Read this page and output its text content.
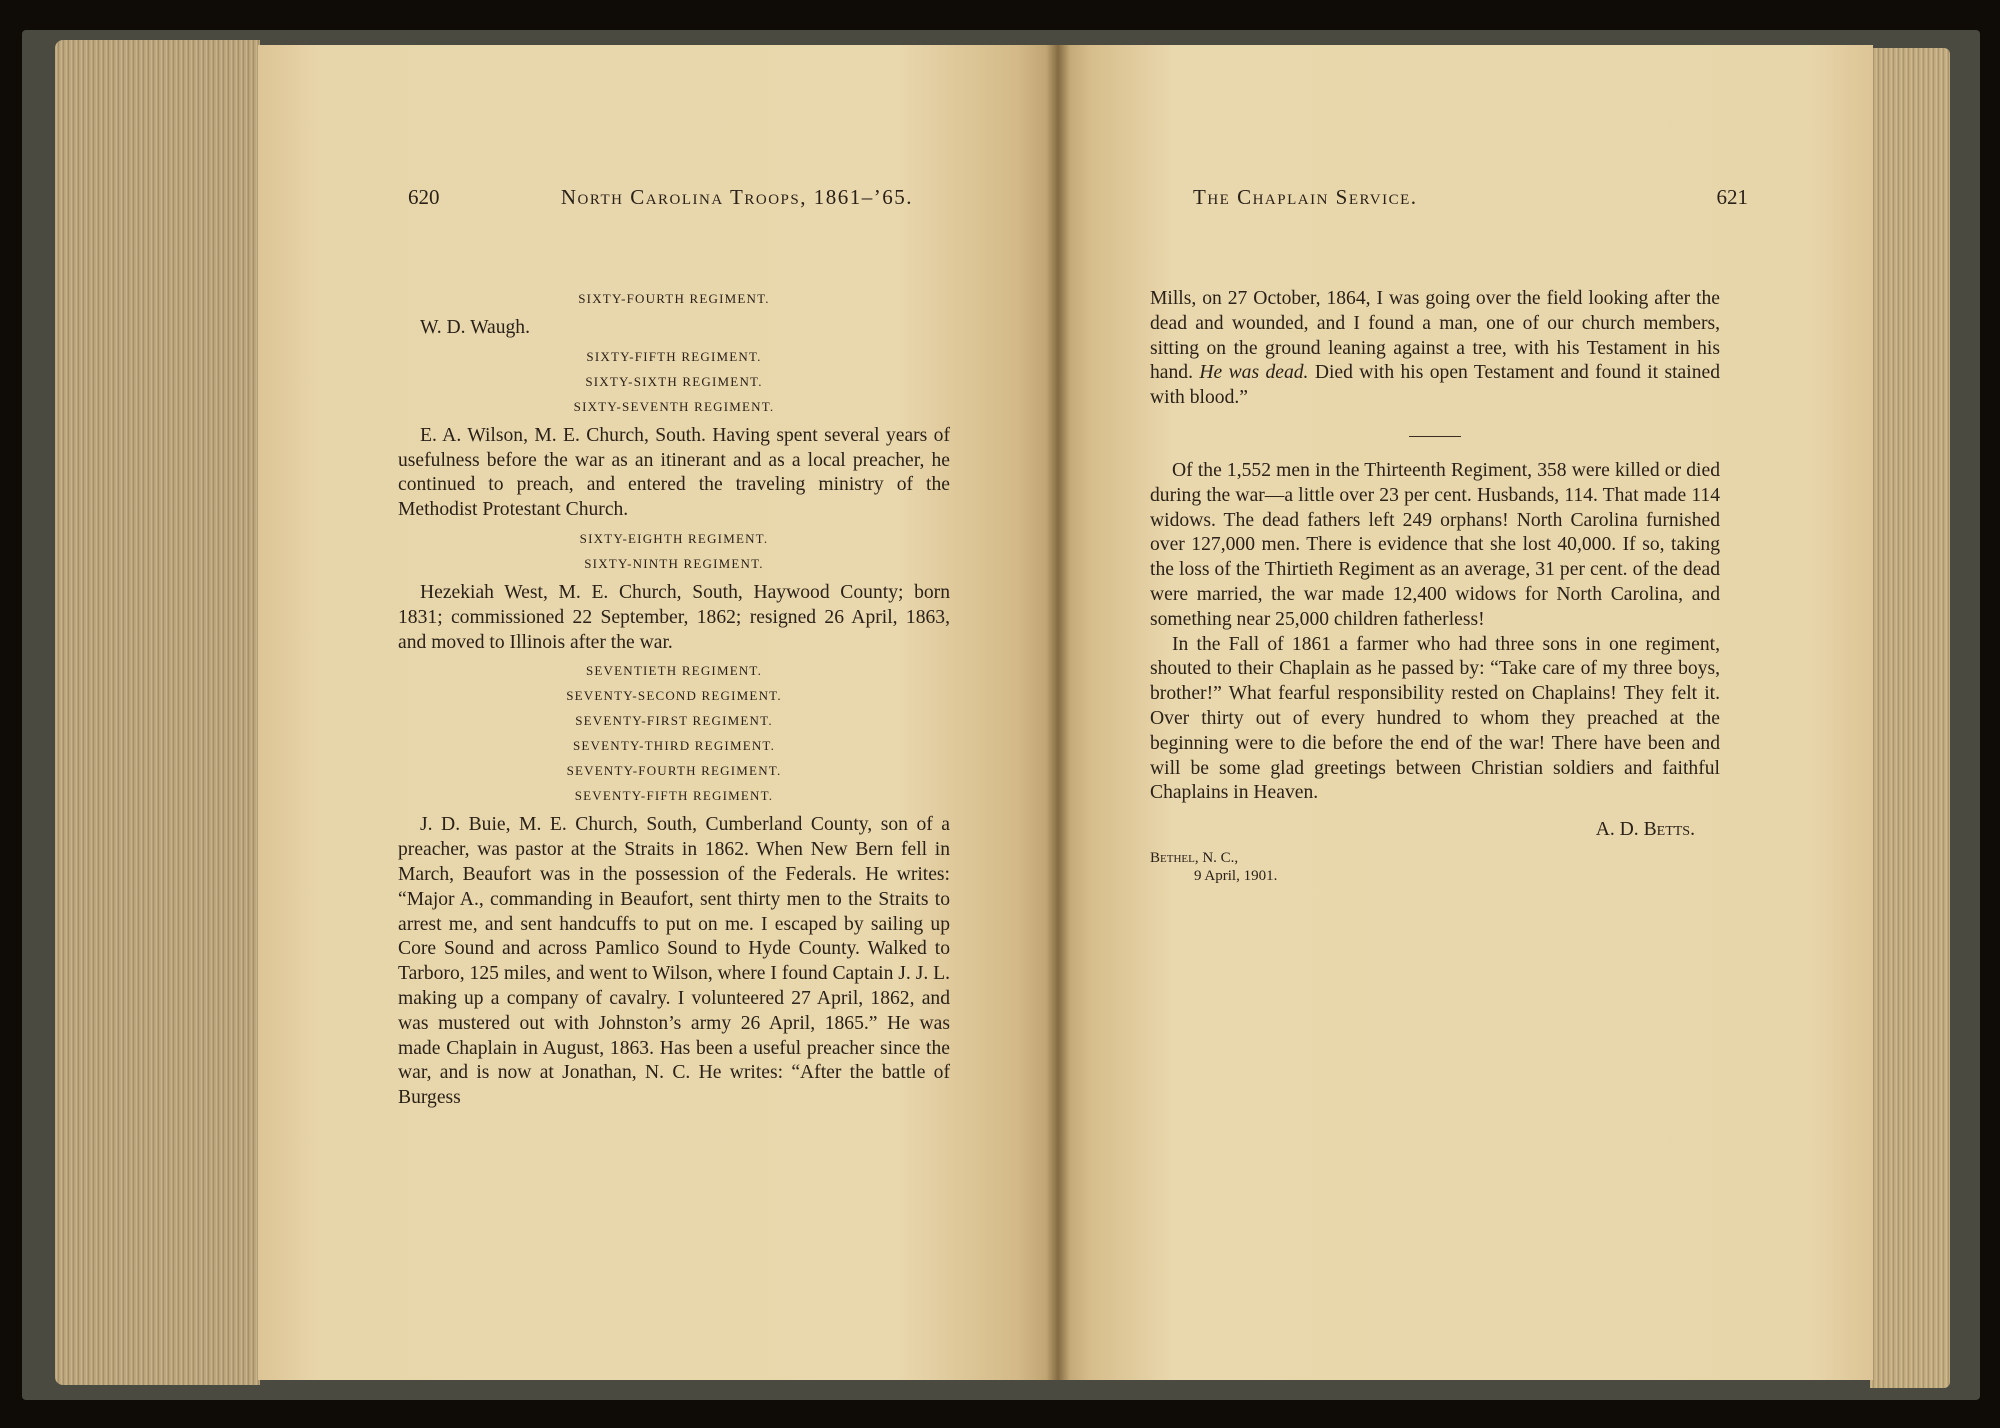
620	North Carolina Troops, 1861–’65.
SIXTY-FOURTH REGIMENT.

W. D. Waugh.

SIXTY-FIFTH REGIMENT.
SIXTY-SIXTH REGIMENT.
SIXTY-SEVENTH REGIMENT.

E. A. Wilson, M. E. Church, South. Having spent several years of usefulness before the war as an itinerant and as a local preacher, he continued to preach, and entered the traveling ministry of the Methodist Protestant Church.

SIXTY-EIGHTH REGIMENT.
SIXTY-NINTH REGIMENT.

Hezekiah West, M. E. Church, South, Haywood County; born 1831; commissioned 22 September, 1862; resigned 26 April, 1863, and moved to Illinois after the war.

SEVENTIETH REGIMENT.
SEVENTY-SECOND REGIMENT.
SEVENTY-FIRST REGIMENT.
SEVENTY-THIRD REGIMENT.
SEVENTY-FOURTH REGIMENT.
SEVENTY-FIFTH REGIMENT.

J. D. Buie, M. E. Church, South, Cumberland County, son of a preacher, was pastor at the Straits in 1862. When New Bern fell in March, Beaufort was in the possession of the Federals. He writes: “Major A., commanding in Beaufort, sent thirty men to the Straits to arrest me, and sent handcuffs to put on me. I escaped by sailing up Core Sound and across Pamlico Sound to Hyde County. Walked to Tarboro, 125 miles, and went to Wilson, where I found Captain J. J. L. making up a company of cavalry. I volunteered 27 April, 1862, and was mustered out with Johnston’s army 26 April, 1865.” He was made Chaplain in August, 1863. Has been a useful preacher since the war, and is now at Jonathan, N. C. He writes: “After the battle of Burgess

The Chaplain Service.	621

Mills, on 27 October, 1864, I was going over the field looking after the dead and wounded, and I found a man, one of our church members, sitting on the ground leaning against a tree, with his Testament in his hand. He was dead. Died with his open Testament and found it stained with blood.”

Of the 1,552 men in the Thirteenth Regiment, 358 were killed or died during the war—a little over 23 per cent. Husbands, 114. That made 114 widows. The dead fathers left 249 orphans! North Carolina furnished over 127,000 men. There is evidence that she lost 40,000. If so, taking the loss of the Thirtieth Regiment as an average, 31 per cent. of the dead were married, the war made 12,400 widows for North Carolina, and something near 25,000 children fatherless!

In the Fall of 1861 a farmer who had three sons in one regiment, shouted to their Chaplain as he passed by: “Take care of my three boys, brother!” What fearful responsibility rested on Chaplains! They felt it. Over thirty out of every hundred to whom they preached at the beginning were to die before the end of the war! There have been and will be some glad greetings between Christian soldiers and faithful Chaplains in Heaven.

A. D. Betts.
Bethel, N. C.,
9 April, 1901.
